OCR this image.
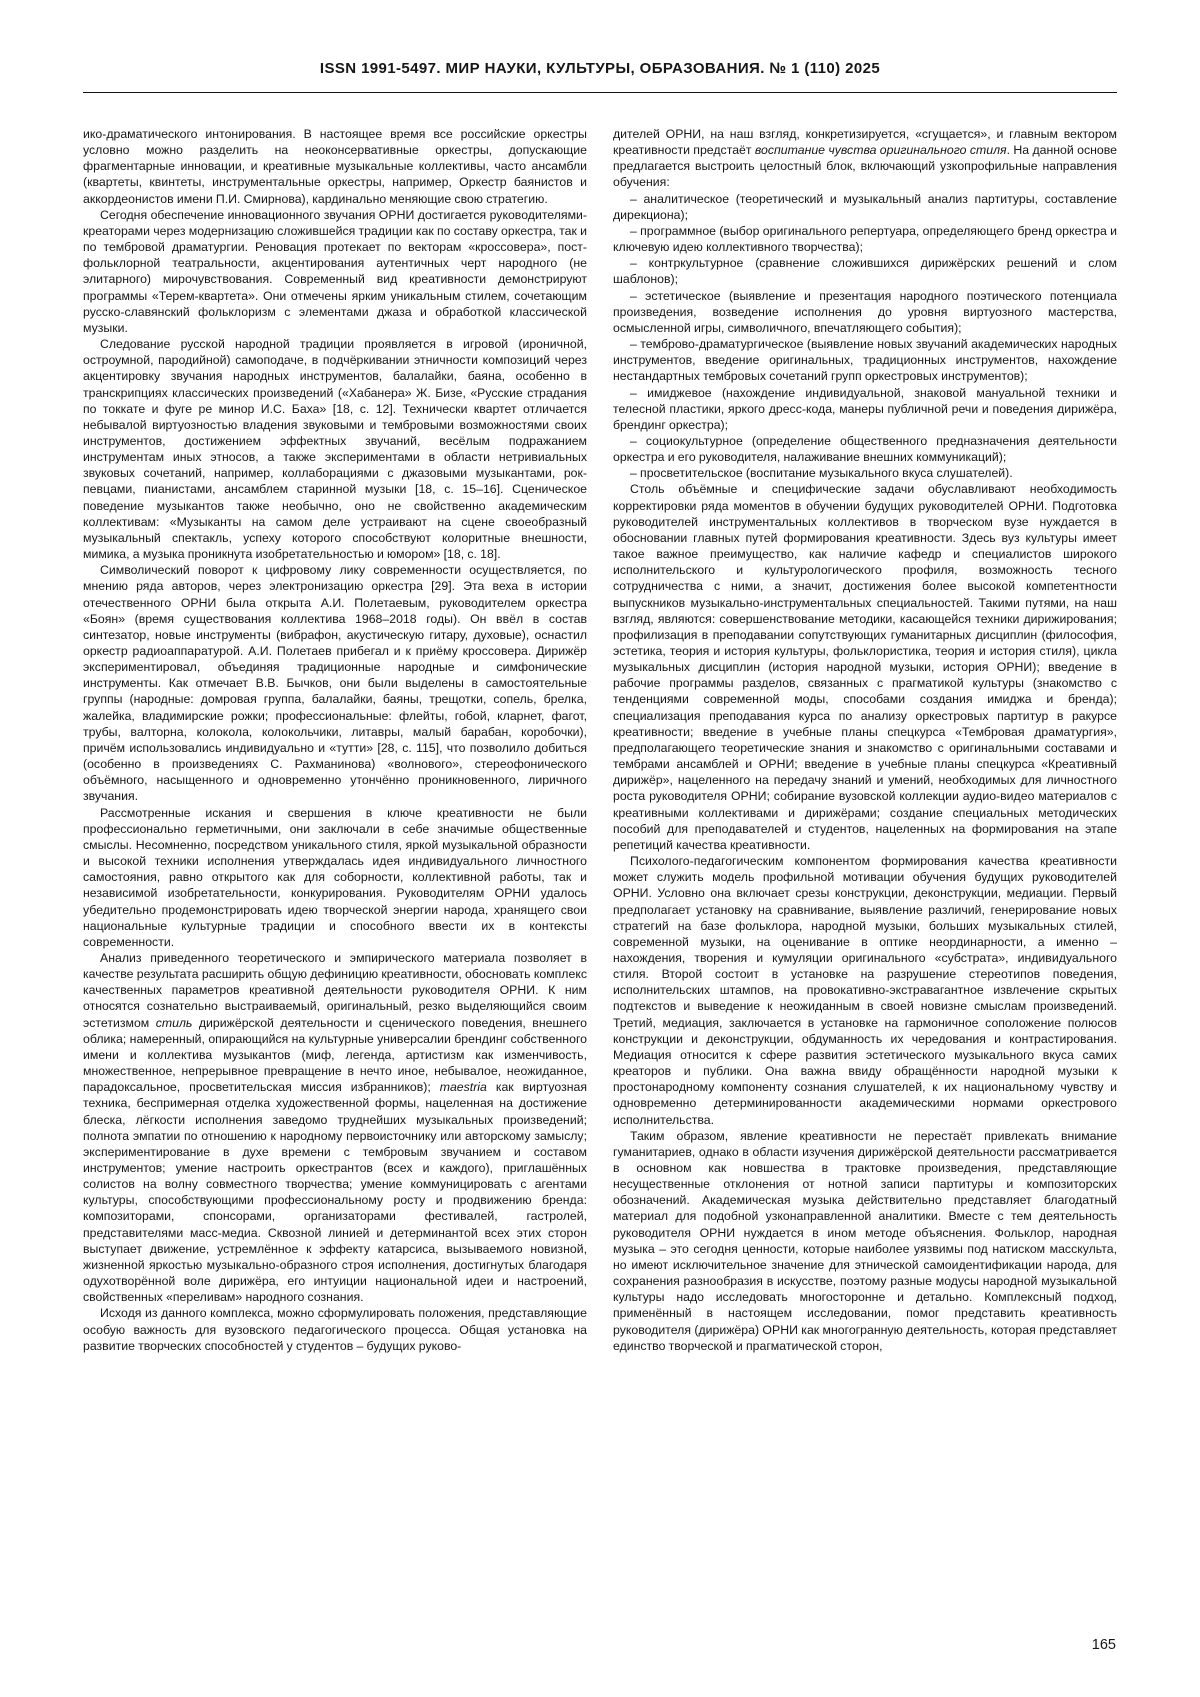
ISSN 1991-5497. МИР НАУКИ, КУЛЬТУРЫ, ОБРАЗОВАНИЯ. № 1 (110) 2025

ико-драматического интонирования. В настоящее время все российские оркестры условно можно разделить на неоконсервативные оркестры, допускающие фрагментарные инновации, и креативные музыкальные коллективы, часто ансамбли (квартеты, квинтеты, инструментальные оркестры, например, Оркестр баянистов и аккордеонистов имени П.И. Смирнова), кардинально меняющие свою стратегию.

Сегодня обеспечение инновационного звучания ОРНИ достигается руководителями-креаторами через модернизацию сложившейся традиции как по составу оркестра, так и по тембровой драматургии. Реновация протекает по векторам «кроссовера», пост-фольклорной театральности, акцентирования аутентичных черт народного (не элитарного) мирочувствования. Современный вид креативности демонстрируют программы «Терем-квартета». Они отмечены ярким уникальным стилем, сочетающим русско-славянский фольклоризм с элементами джаза и обработкой классической музыки.

Следование русской народной традиции проявляется в игровой (ироничной, остроумной, пародийной) самоподаче, в подчёркивании этничности композиций через акцентировку звучания народных инструментов, балалайки, баяна, особенно в транскрипциях классических произведений («Хабанера» Ж. Бизе, «Русские страдания по токкате и фуге ре минор И.С. Баха» [18, с. 12]. Технически квартет отличается небывалой виртуозностью владения звуковыми и тембровыми возможностями своих инструментов, достижением эффектных звучаний, весёлым подражанием инструментам иных этносов, а также экспериментами в области нетривиальных звуковых сочетаний, например, коллаборациями с джазовыми музыкантами, рок-певцами, пианистами, ансамблем старинной музыки [18, с. 15–16]. Сценическое поведение музыкантов также необычно, оно не свойственно академическим коллективам: «Музыканты на самом деле устраивают на сцене своеобразный музыкальный спектакль, успеху которого способствуют колоритные внешности, мимика, а музыка проникнута изобретательностью и юмором» [18, с. 18].

Символический поворот к цифровому лику современности осуществляется, по мнению ряда авторов, через электронизацию оркестра [29]. Эта веха в истории отечественного ОРНИ была открыта А.И. Полетаевым, руководителем оркестра «Боян» (время существования коллектива 1968–2018 годы). Он ввёл в состав синтезатор, новые инструменты (вибрафон, акустическую гитару, духовые), оснастил оркестр радиоаппаратурой. А.И. Полетаев прибегал и к приёму кроссовера. Дирижёр экспериментировал, объединяя традиционные народные и симфонические инструменты. Как отмечает В.В. Бычков, они были выделены в самостоятельные группы (народные: домровая группа, балалайки, баяны, трещотки, сопель, брелка, жалейка, владимирские рожки; профессиональные: флейты, гобой, кларнет, фагот, трубы, валторна, колокола, колокольчики, литавры, малый барабан, коробочки), причём использовались индивидуально и «тутти» [28, с. 115], что позволило добиться (особенно в произведениях С. Рахманинова) «волнового», стереофонического объёмного, насыщенного и одновременно утончённо проникновенного, лиричного звучания.

Рассмотренные искания и свершения в ключе креативности не были профессионально герметичными, они заключали в себе значимые общественные смыслы. Несомненно, посредством уникального стиля, яркой музыкальной образности и высокой техники исполнения утверждалась идея индивидуального личностного самостояния, равно открытого как для соборности, коллективной работы, так и независимой изобретательности, конкурирования. Руководителям ОРНИ удалось убедительно продемонстрировать идею творческой энергии народа, хранящего свои национальные культурные традиции и способного ввести их в контексты современности.

Анализ приведенного теоретического и эмпирического материала позволяет в качестве результата расширить общую дефиницию креативности, обосновать комплекс качественных параметров креативной деятельности руководителя ОРНИ. К ним относятся сознательно выстраиваемый, оригинальный, резко выделяющийся своим эстетизмом стиль дирижёрской деятельности и сценического поведения, внешнего облика; намеренный, опирающийся на культурные универсалии брендинг собственного имени и коллектива музыкантов (миф, легенда, артистизм как изменчивость, множественное, непрерывное превращение в нечто иное, небывалое, неожиданное, парадоксальное, просветительская миссия избранников); maestria как виртуозная техника, беспримерная отделка художественной формы, нацеленная на достижение блеска, лёгкости исполнения заведомо труднейших музыкальных произведений; полнота эмпатии по отношению к народному первоисточнику или авторскому замыслу; экспериментирование в духе времени с тембровым звучанием и составом инструментов; умение настроить оркестрантов (всех и каждого), приглашённых солистов на волну совместного творчества; умение коммуницировать с агентами культуры, способствующими профессиональному росту и продвижению бренда: композиторами, спонсорами, организаторами фестивалей, гастролей, представителями масс-медиа. Сквозной линией и детерминантой всех этих сторон выступает движение, устремлённое к эффекту катарсиса, вызываемого новизной, жизненной яркостью музыкально-образного строя исполнения, достигнутых благодаря одухотворённой воле дирижёра, его интуиции национальной идеи и настроений, свойственных «переливам» народного сознания.

Исходя из данного комплекса, можно сформулировать положения, представляющие особую важность для вузовского педагогического процесса. Общая установка на развитие творческих способностей у студентов – будущих руково-

дителей ОРНИ, на наш взгляд, конкретизируется, «сгущается», и главным вектором креативности предстаёт воспитание чувства оригинального стиля. На данной основе предлагается выстроить целостный блок, включающий узкопрофильные направления обучения:

– аналитическое (теоретический и музыкальный анализ партитуры, составление дирекциона);

– программное (выбор оригинального репертуара, определяющего бренд оркестра и ключевую идею коллективного творчества);

– контркультурное (сравнение сложившихся дирижёрских решений и слом шаблонов);

– эстетическое (выявление и презентация народного поэтического потенциала произведения, возведение исполнения до уровня виртуозного мастерства, осмысленной игры, символичного, впечатляющего события);

– темброво-драматургическое (выявление новых звучаний академических народных инструментов, введение оригинальных, традиционных инструментов, нахождение нестандартных тембровых сочетаний групп оркестровых инструментов);

– имиджевое (нахождение индивидуальной, знаковой мануальной техники и телесной пластики, яркого дресс-кода, манеры публичной речи и поведения дирижёра, брендинг оркестра);

– социокультурное (определение общественного предназначения деятельности оркестра и его руководителя, налаживание внешних коммуникаций);

– просветительское (воспитание музыкального вкуса слушателей).

Столь объёмные и специфические задачи обуславливают необходимость корректировки ряда моментов в обучении будущих руководителей ОРНИ. Подготовка руководителей инструментальных коллективов в творческом вузе нуждается в обосновании главных путей формирования креативности. Здесь вуз культуры имеет такое важное преимущество, как наличие кафедр и специалистов широкого исполнительского и культурологического профиля, возможность тесного сотрудничества с ними, а значит, достижения более высокой компетентности выпускников музыкально-инструментальных специальностей. Такими путями, на наш взгляд, являются: совершенствование методики, касающейся техники дирижирования; профилизация в преподавании сопутствующих гуманитарных дисциплин (философия, эстетика, теория и история культуры, фольклористика, теория и история стиля), цикла музыкальных дисциплин (история народной музыки, история ОРНИ); введение в рабочие программы разделов, связанных с прагматикой культуры (знакомство с тенденциями современной моды, способами создания имиджа и бренда); специализация преподавания курса по анализу оркестровых партитур в ракурсе креативности; введение в учебные планы спецкурса «Тембровая драматургия», предполагающего теоретические знания и знакомство с оригинальными составами и тембрами ансамблей и ОРНИ; введение в учебные планы спецкурса «Креативный дирижёр», нацеленного на передачу знаний и умений, необходимых для личностного роста руководителя ОРНИ; собирание вузовской коллекции аудио-видео материалов с креативными коллективами и дирижёрами; создание специальных методических пособий для преподавателей и студентов, нацеленных на формирования на этапе репетиций качества креативности.

Психолого-педагогическим компонентом формирования качества креативности может служить модель профильной мотивации обучения будущих руководителей ОРНИ. Условно она включает срезы конструкции, деконструкции, медиации. Первый предполагает установку на сравнивание, выявление различий, генерирование новых стратегий на базе фольклора, народной музыки, больших музыкальных стилей, современной музыки, на оценивание в оптике неординарности, а именно – нахождения, творения и кумуляции оригинального «субстрата», индивидуального стиля. Второй состоит в установке на разрушение стереотипов поведения, исполнительских штампов, на провокативно-экстравагантное извлечение скрытых подтекстов и выведение к неожиданным в своей новизне смыслам произведений. Третий, медиация, заключается в установке на гармоничное соположение полюсов конструкции и деконструкции, обдуманность их чередования и контрастирования. Медиация относится к сфере развития эстетического музыкального вкуса самих креаторов и публики. Она важна ввиду обращённости народной музыки к простонародному компоненту сознания слушателей, к их национальному чувству и одновременно детерминированности академическими нормами оркестрового исполнительства.

Таким образом, явление креативности не перестаёт привлекать внимание гуманитариев, однако в области изучения дирижёрской деятельности рассматривается в основном как новшества в трактовке произведения, представляющие несущественные отклонения от нотной записи партитуры и композиторских обозначений. Академическая музыка действительно представляет благодатный материал для подобной узконаправленной аналитики. Вместе с тем деятельность руководителя ОРНИ нуждается в ином методе объяснения. Фольклор, народная музыка – это сегодня ценности, которые наиболее уязвимы под натиском масскульта, но имеют исключительное значение для этнической самоидентификации народа, для сохранения разнообразия в искусстве, поэтому разные модусы народной музыкальной культуры надо исследовать многосторонне и детально. Комплексный подход, применённый в настоящем исследовании, помог представить креативность руководителя (дирижёра) ОРНИ как многогранную деятельность, которая представляет единство творческой и прагматической сторон,

165
